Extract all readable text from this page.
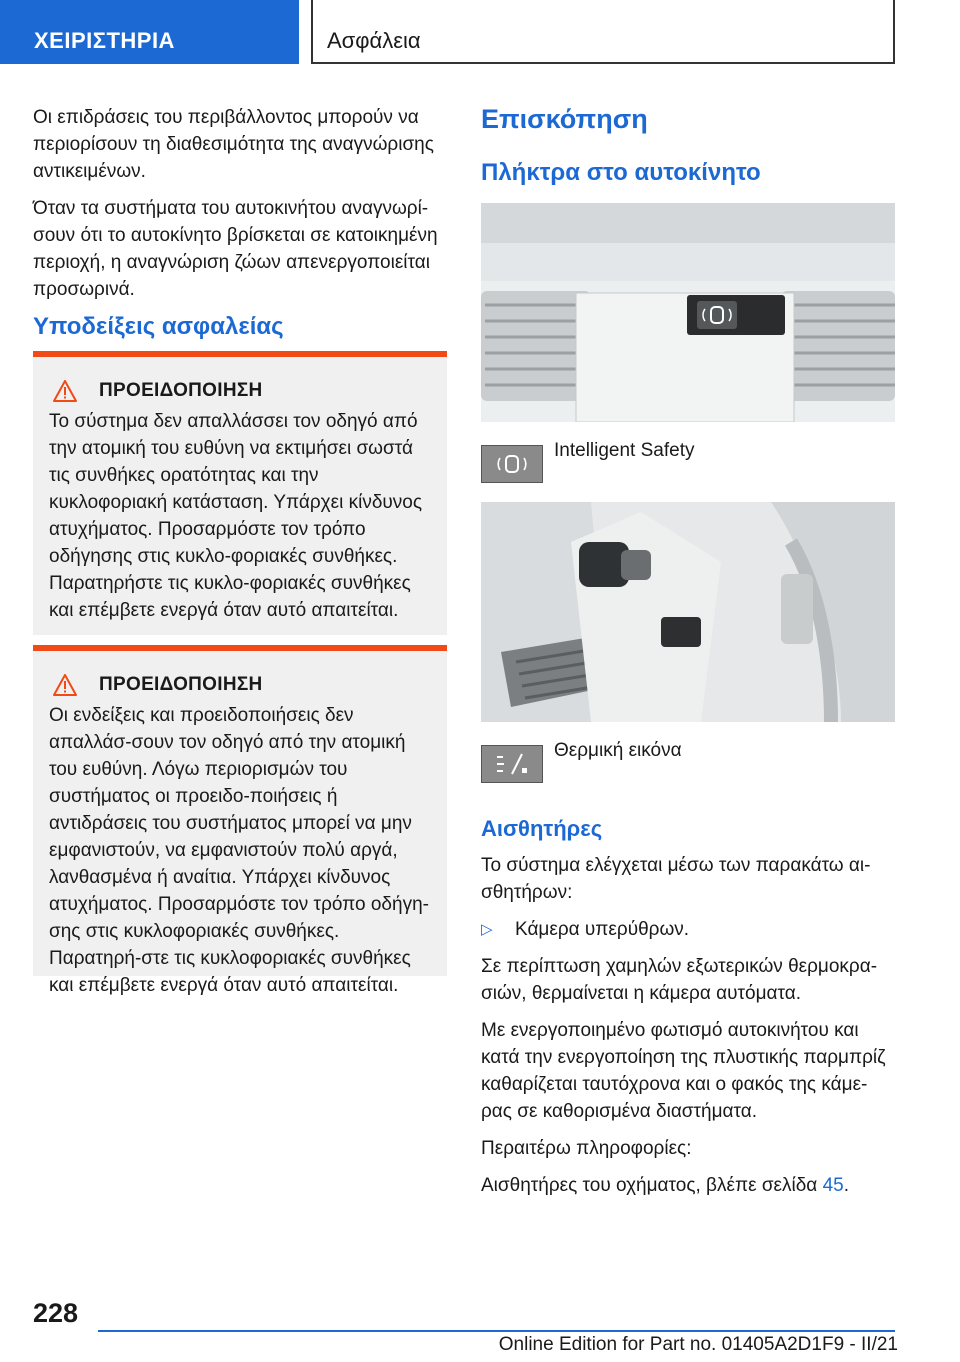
ΧΕΙΡΙΣΤΗΡΙΑ	Ασφάλεια

Οι επιδράσεις του περιβάλλοντος μπορούν να περιορίσουν τη διαθεσιμότητα της αναγνώρισης αντικειμένων.

Όταν τα συστήματα του αυτοκινήτου αναγνωρί-σουν ότι το αυτοκίνητο βρίσκεται σε κατοικημένη περιοχή, η αναγνώριση ζώων απενεργοποιείται προσωρινά.

Υποδείξεις ασφαλείας
ΠΡΟΕΙΔΟΠΟΙΗΣΗ
Το σύστημα δεν απαλλάσσει τον οδηγό από την ατομική του ευθύνη να εκτιμήσει σωστά τις συνθήκες ορατότητας και την κυκλοφοριακή κατάσταση. Υπάρχει κίνδυνος ατυχήματος. Προσαρμόστε τον τρόπο οδήγησης στις κυκλο-φοριακές συνθήκες. Παρατηρήστε τις κυκλο-φοριακές συνθήκες και επέμβετε ενεργά όταν αυτό απαιτείται.
ΠΡΟΕΙΔΟΠΟΙΗΣΗ
Οι ενδείξεις και προειδοποιήσεις δεν απαλλάσ-σουν τον οδηγό από την ατομική του ευθύνη. Λόγω περιορισμών του συστήματος οι προειδο-ποιήσεις ή αντιδράσεις του συστήματος μπορεί να μην εμφανιστούν, να εμφανιστούν πολύ αργά, λανθασμένα ή αναίτια. Υπάρχει κίνδυνος ατυχήματος. Προσαρμόστε τον τρόπο οδήγη-σης στις κυκλοφοριακές συνθήκες. Παρατηρή-στε τις κυκλοφοριακές συνθήκες και επέμβετε ενεργά όταν αυτό απαιτείται.
Επισκόπηση
Πλήκτρα στο αυτοκίνητο
Intelligent Safety
Θερμική εικόνα
Αισθητήρες

Το σύστημα ελέγχεται μέσω των παρακάτω αι-σθητήρων:

▷	Κάμερα υπερύθρων.

Σε περίπτωση χαμηλών εξωτερικών θερμοκρα-σιών, θερμαίνεται η κάμερα αυτόματα.

Με ενεργοποιημένο φωτισμό αυτοκινήτου και κατά την ενεργοποίηση της πλυστικής παρμπρίζ καθαρίζεται ταυτόχρονα και ο φακός της κάμε-ρας σε καθορισμένα διαστήματα.

Περαιτέρω πληροφορίες:

Αισθητήρες του οχήματος, βλέπε σελίδα 45.

228
Online Edition for Part no. 01405A2D1F9 - II/21
